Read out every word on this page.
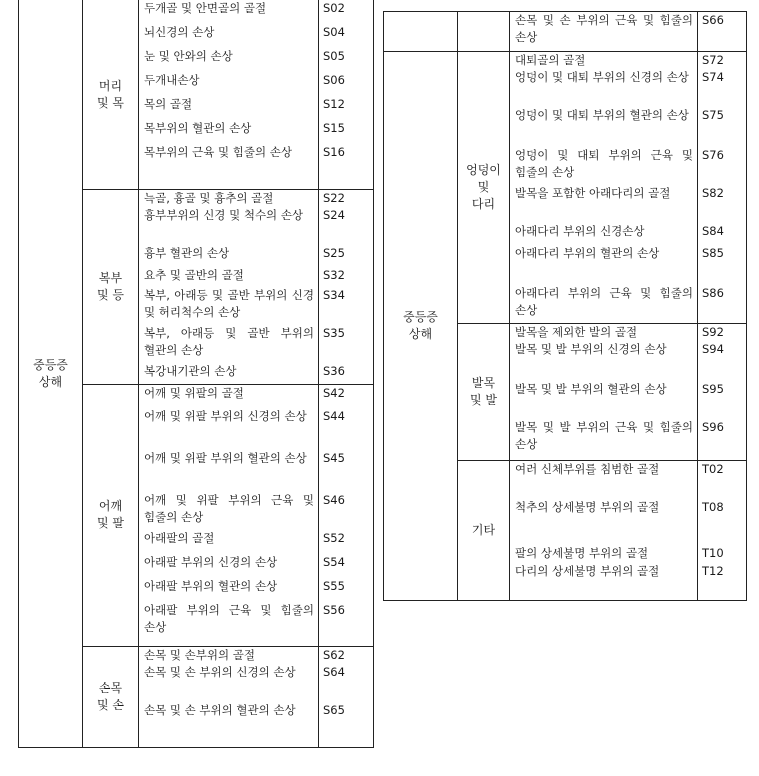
중등증
상해	머리
및 목	두개골 및 안면골의 골절	S02
		뇌신경의 손상	S04
		눈 및 안와의 손상	S05
		두개내손상	S06
		목의 골절	S12
		목부위의 혈관의 손상	S15
		목부위의 근육 및 힘줄의 손상	S16
	복부
및 등	늑골, 흉골 및 흉추의 골절	S22
		흉부부위의 신경 및 척수의 손상	S24
		흉부 혈관의 손상	S25
		요추 및 골반의 골절	S32
		복부, 아래등 및 골반 부위의 신경 및 허리척수의 손상	S34
		복부, 아래등 및 골반 부위의 혈관의 손상	S35
		복강내기관의 손상	S36
	어깨
및 팔	어깨 및 위팔의 골절	S42
		어깨 및 위팔 부위의 신경의 손상	S44
		어깨 및 위팔 부위의 혈관의 손상	S45
		어깨 및 위팔 부위의 근육 및 힘줄의 손상	S46
		아래팔의 골절	S52
		아래팔 부위의 신경의 손상	S54
		아래팔 부위의 혈관의 손상	S55
		아래팔 부위의 근육 및 힘줄의 손상	S56
	손목
및 손	손목 및 손부위의 골절	S62
		손목 및 손 부위의 신경의 손상	S64
		손목 및 손 부위의 혈관의 손상	S65
		손목 및 손 부위의 근육 및 힘줄의 손상	S66
중등증
상해	엉덩이
및
다리	대퇴골의 골절	S72
		엉덩이 및 대퇴 부위의 신경의 손상	S74
		엉덩이 및 대퇴 부위의 혈관의 손상	S75
		엉덩이 및 대퇴 부위의 근육 및 힘줄의 손상	S76
		발목을 포함한 아래다리의 골절	S82
		아래다리 부위의 신경손상	S84
		아래다리 부위의 혈관의 손상	S85
		아래다리 부위의 근육 및 힘줄의 손상	S86
	발목
및 발	발목을 제외한 발의 골절	S92
		발목 및 발 부위의 신경의 손상	S94
		발목 및 발 부위의 혈관의 손상	S95
		발목 및 발 부위의 근육 및 힘줄의 손상	S96
	기타	여러 신체부위를 침범한 골절	T02
		척추의 상세불명 부위의 골절	T08
		팔의 상세불명 부위의 골절	T10
		다리의 상세불명 부위의 골절	T12
